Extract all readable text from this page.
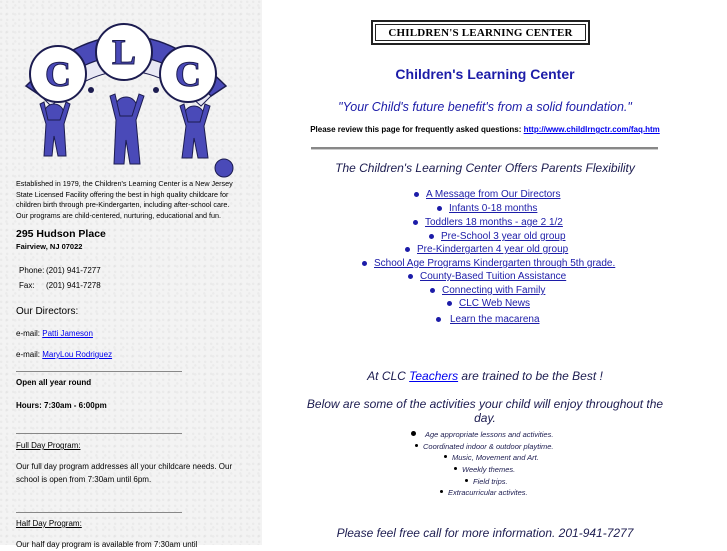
C
L
C
Established in 1979, the Children's Learning Center is a New Jersey State Licensed Facility offering the best in high quality childcare for children birth through pre-Kindergarten, including after-school care. Our programs are child-centered, nurturing, educational and fun.
295 Hudson Place
Fairview, NJ 07022
Phone: (201) 941-7277
Fax: (201) 941-7278
Our Directors:
e-mail: Patti Jameson
e-mail: MaryLou Rodriguez
Open all year round
Hours: 7:30am - 6:00pm
Full Day Program:
Our full day program addresses all your childcare needs. Our school is open from 7:30am until 6pm.
Half Day Program:
Our half day program is available from 7:30am until
CHILDREN'S LEARNING CENTER
Children's Learning Center
"Your Child's future benefit's from a solid foundation."
Please review this page for frequently asked questions: http://www.childlrngctr.com/faq.htm
The Children's Learning Center Offers Parents Flexibility
A Message from Our Directors
Infants 0-18 months
Toddlers 18 months - age 2 1/2
Pre-School 3 year old group
Pre-Kindergarten 4 year old group
School Age Programs Kindergarten through 5th grade.
County-Based Tuition Assistance
Connecting with Family
CLC Web News
Learn the macarena
At CLC Teachers are trained to be the Best !
Below are some of the activities your child will enjoy throughout the day.
Age appropriate lessons and activities.
Coordinated indoor & outdoor playtime.
Music, Movement and Art.
Weekly themes.
Field trips.
Extracurricular activites.
Please feel free call for more information. 201-941-7277
